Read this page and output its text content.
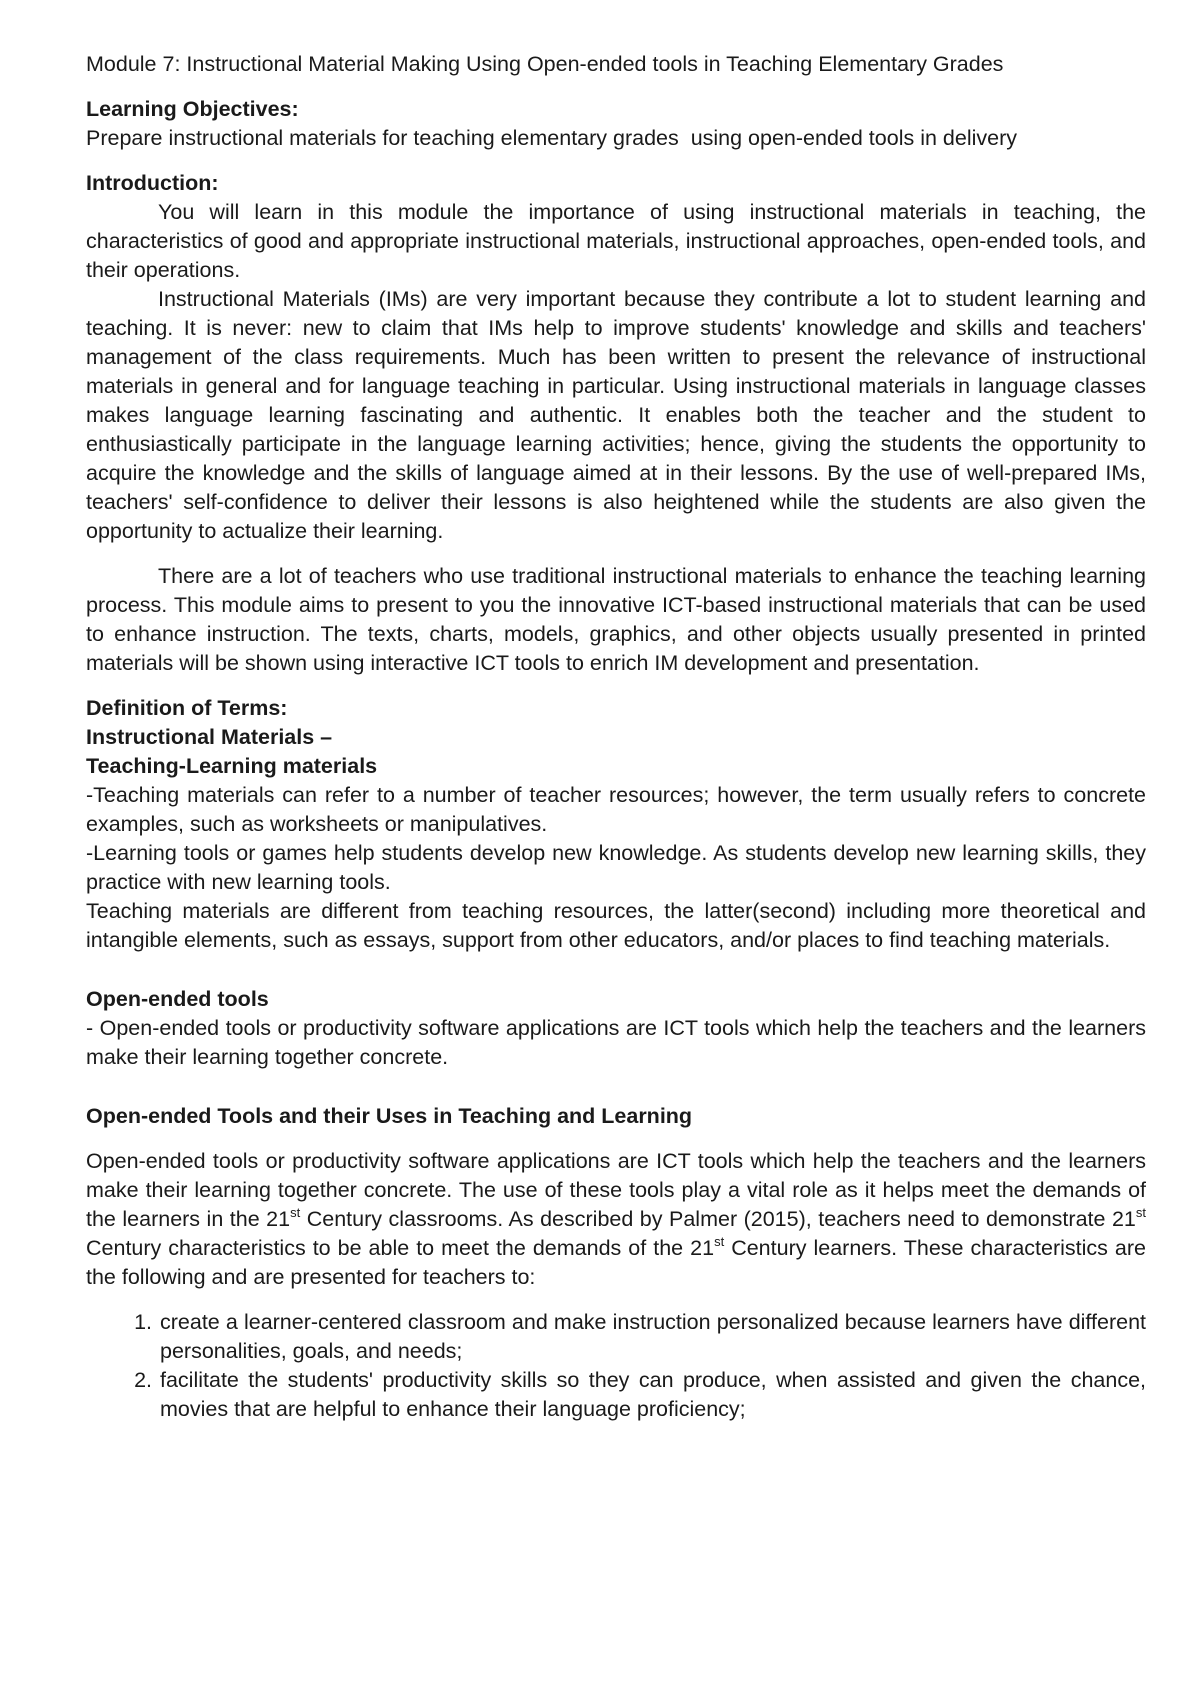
Module 7: Instructional Material Making Using Open-ended tools in Teaching Elementary Grades

Learning Objectives:

Prepare instructional materials for teaching elementary grades  using open-ended tools in delivery

Introduction:

You will learn in this module the importance of using instructional materials in teaching, the characteristics of good and appropriate instructional materials, instructional approaches, open-ended tools, and their operations.

Instructional Materials (IMs) are very important because they contribute a lot to student learning and teaching. It is never: new to claim that IMs help to improve students' knowledge and skills and teachers' management of the class requirements. Much has been written to present the relevance of instructional materials in general and for language teaching in particular. Using instructional materials in language classes makes language learning fascinating and authentic. It enables both the teacher and the student to enthusiastically participate in the language learning activities; hence, giving the students the opportunity to acquire the knowledge and the skills of language aimed at in their lessons. By the use of well-prepared IMs, teachers' self-confidence to deliver their lessons is also heightened while the students are also given the opportunity to actualize their learning.

There are a lot of teachers who use traditional instructional materials to enhance the teaching learning process. This module aims to present to you the innovative ICT-based instructional materials that can be used to enhance instruction. The texts, charts, models, graphics, and other objects usually presented in printed materials will be shown using interactive ICT tools to enrich IM development and presentation.

Definition of Terms:

Instructional Materials –

Teaching-Learning materials

-Teaching materials can refer to a number of teacher resources; however, the term usually refers to concrete examples, such as worksheets or manipulatives.

-Learning tools or games help students develop new knowledge. As students develop new learning skills, they practice with new learning tools.

Teaching materials are different from teaching resources, the latter(second) including more theoretical and intangible elements, such as essays, support from other educators, and/or places to find teaching materials.

Open-ended tools

- Open-ended tools or productivity software applications are ICT tools which help the teachers and the learners make their learning together concrete.

Open-ended Tools and their Uses in Teaching and Learning

Open-ended tools or productivity software applications are ICT tools which help the teachers and the learners make their learning together concrete. The use of these tools play a vital role as it helps meet the demands of the learners in the 21st Century classrooms. As described by Palmer (2015), teachers need to demonstrate 21st Century characteristics to be able to meet the demands of the 21st Century learners. These characteristics are the following and are presented for teachers to:

1. create a learner-centered classroom and make instruction personalized because learners have different personalities, goals, and needs;
2. facilitate the students' productivity skills so they can produce, when assisted and given the chance, movies that are helpful to enhance their language proficiency;
